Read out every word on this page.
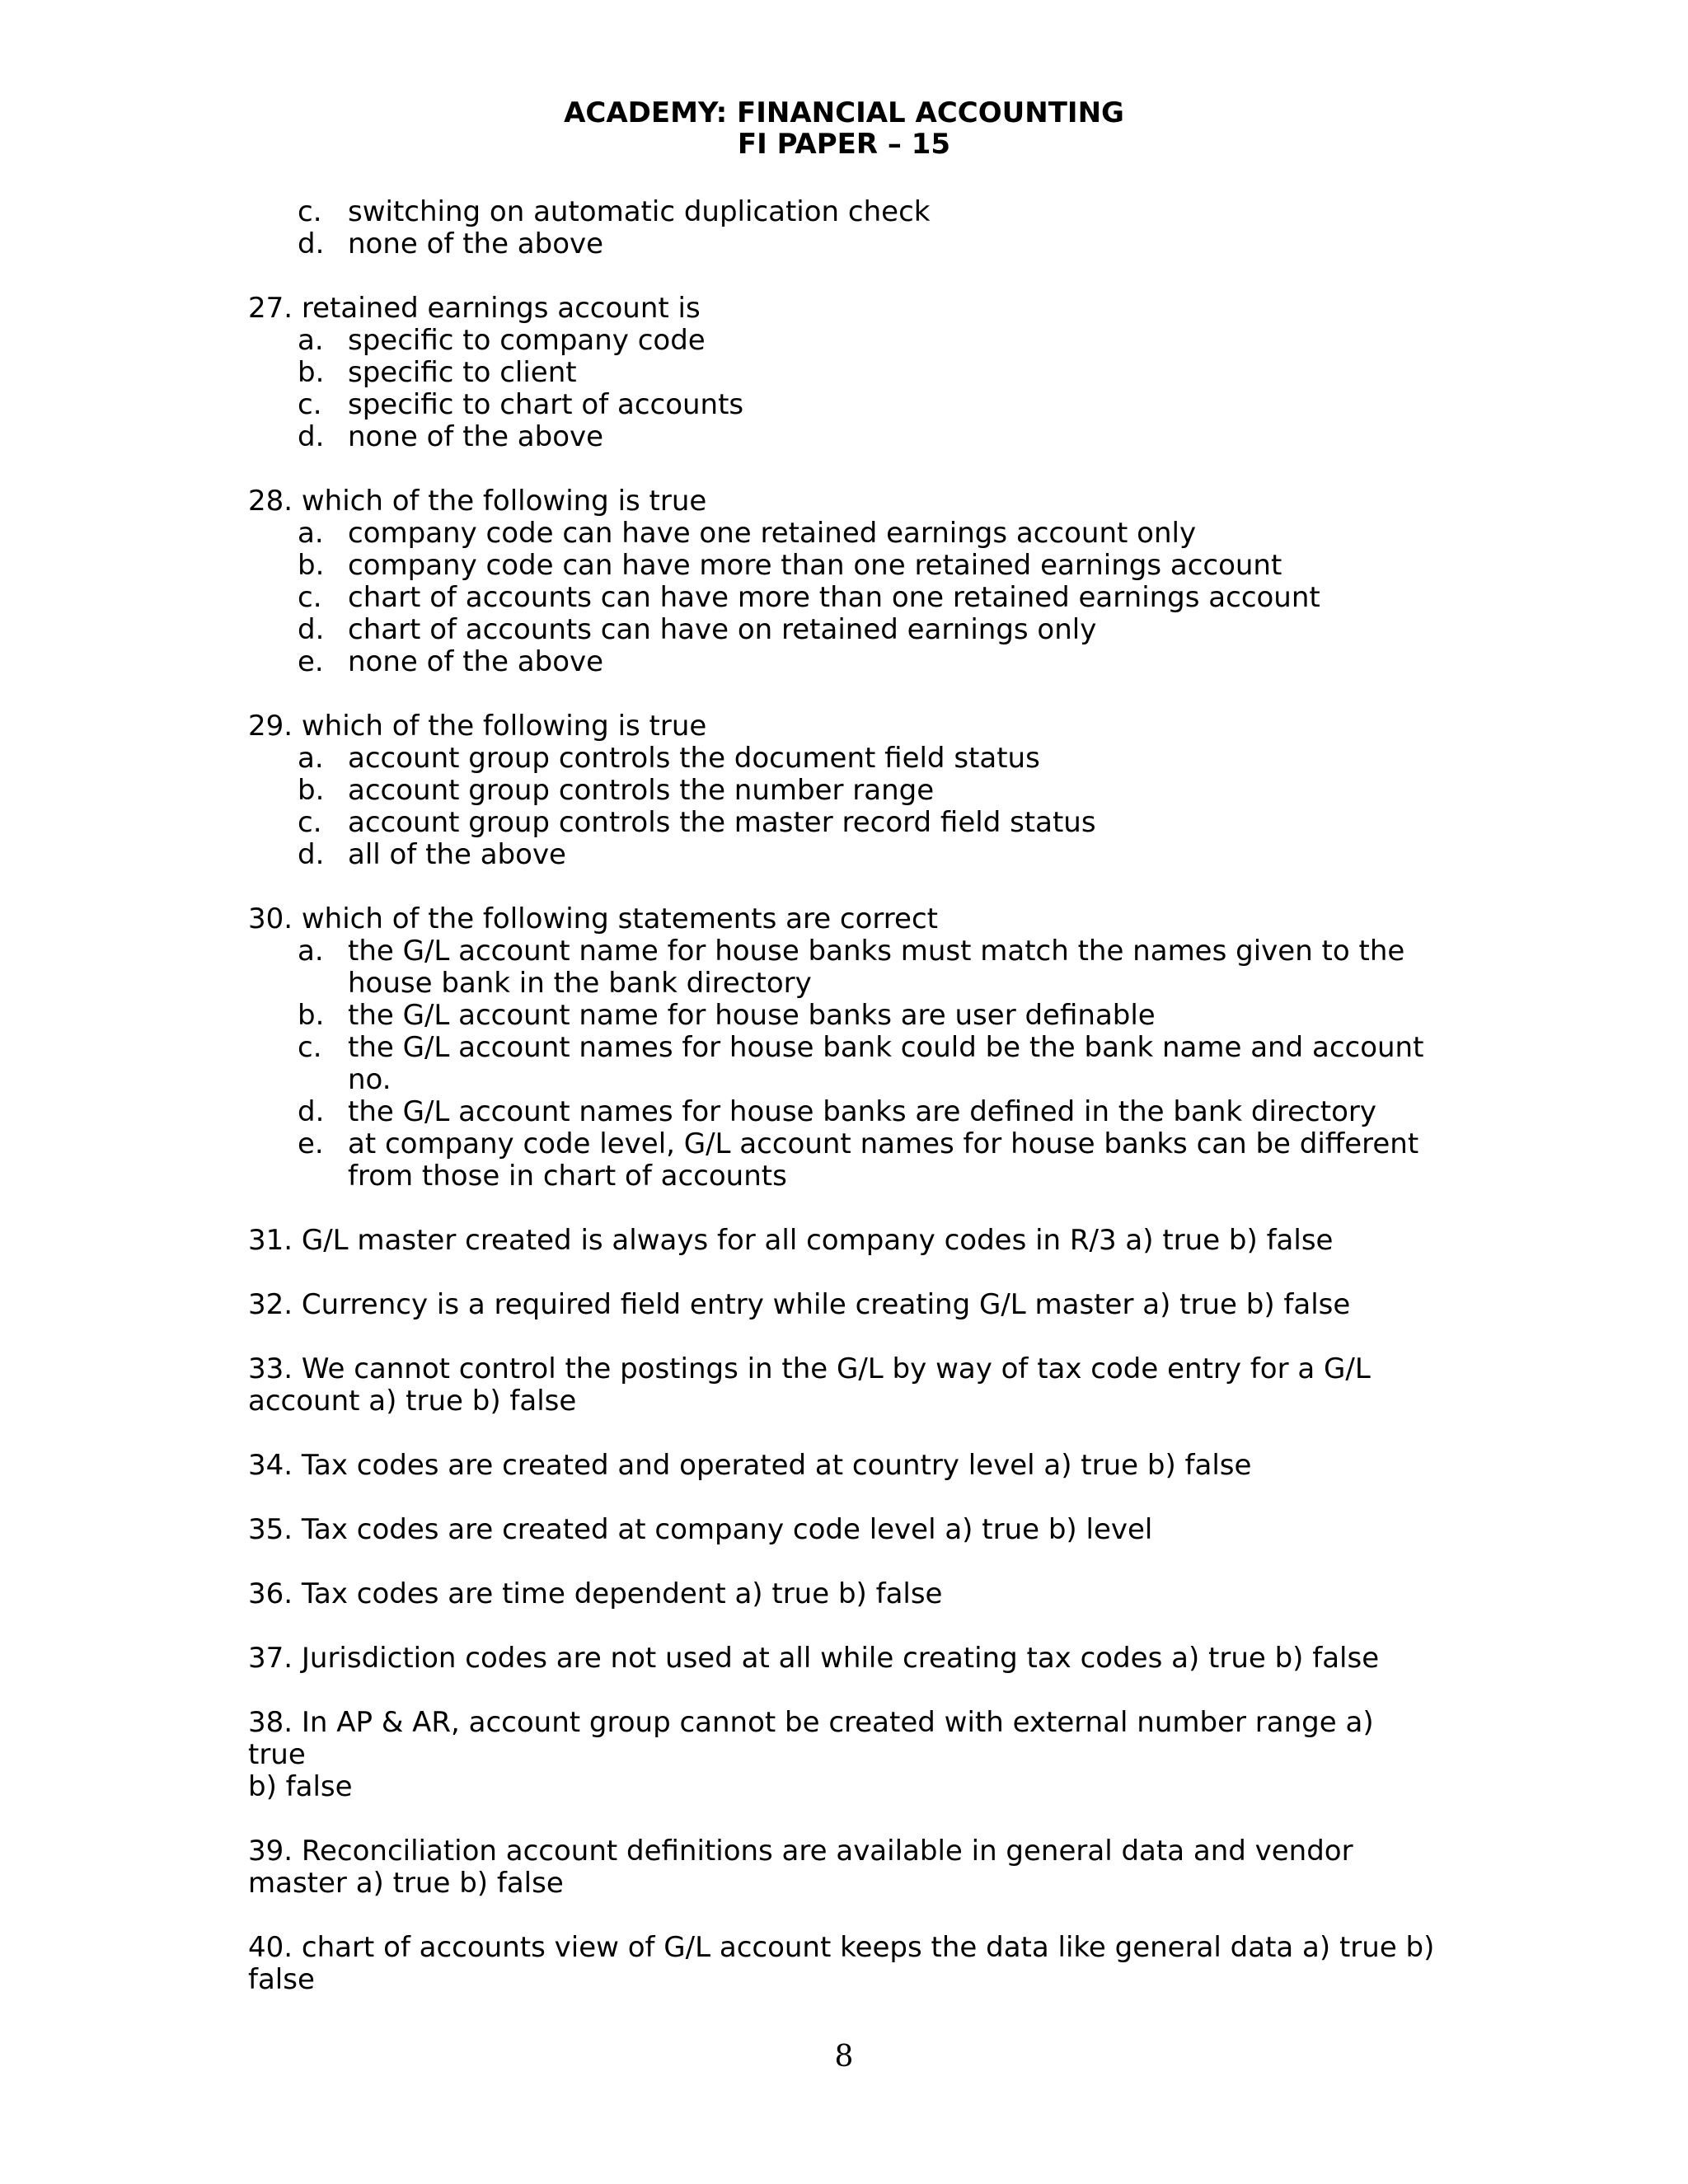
ACADEMY: FINANCIAL ACCOUNTING
FI PAPER – 15
c. switching on automatic duplication check
d. none of the above
27. retained earnings account is
a. specific to company code
b. specific to client
c. specific to chart of accounts
d. none of the above
28. which of the following is true
a. company code can have one retained earnings account only
b. company code can have more than one retained earnings account
c. chart of accounts can have more than one retained earnings account
d. chart of accounts can have on retained earnings only
e. none of the above
29. which of the following is true
a. account group controls the document field status
b. account group controls the number range
c. account group controls the master record field status
d. all of the above
30. which of the following statements are correct
a. the G/L account name for house banks must match the names given to the house bank in the bank directory
b. the G/L account name for house banks are user definable
c. the G/L account names for house bank could be the bank name and account no.
d. the G/L account names for house banks are defined in the bank directory
e. at company code level, G/L account names for house banks can be different from those in chart of accounts
31. G/L master created is always for all company codes in R/3 a) true b) false
32. Currency is a required field entry while creating G/L master a) true b) false
33. We cannot control the postings in the G/L by way of tax code entry for a G/L
account a) true b) false
34. Tax codes are created and operated at country level a) true b) false
35. Tax codes are created at company code level a) true b) level
36. Tax codes are time dependent a) true b) false
37. Jurisdiction codes are not used at all while creating tax codes a) true b) false
38. In AP & AR, account group cannot be created with external number range a) true
b) false
39. Reconciliation account definitions are available in general data and vendor
master a) true b) false
40. chart of accounts view of G/L account keeps the data like general data a) true b)
false
8
